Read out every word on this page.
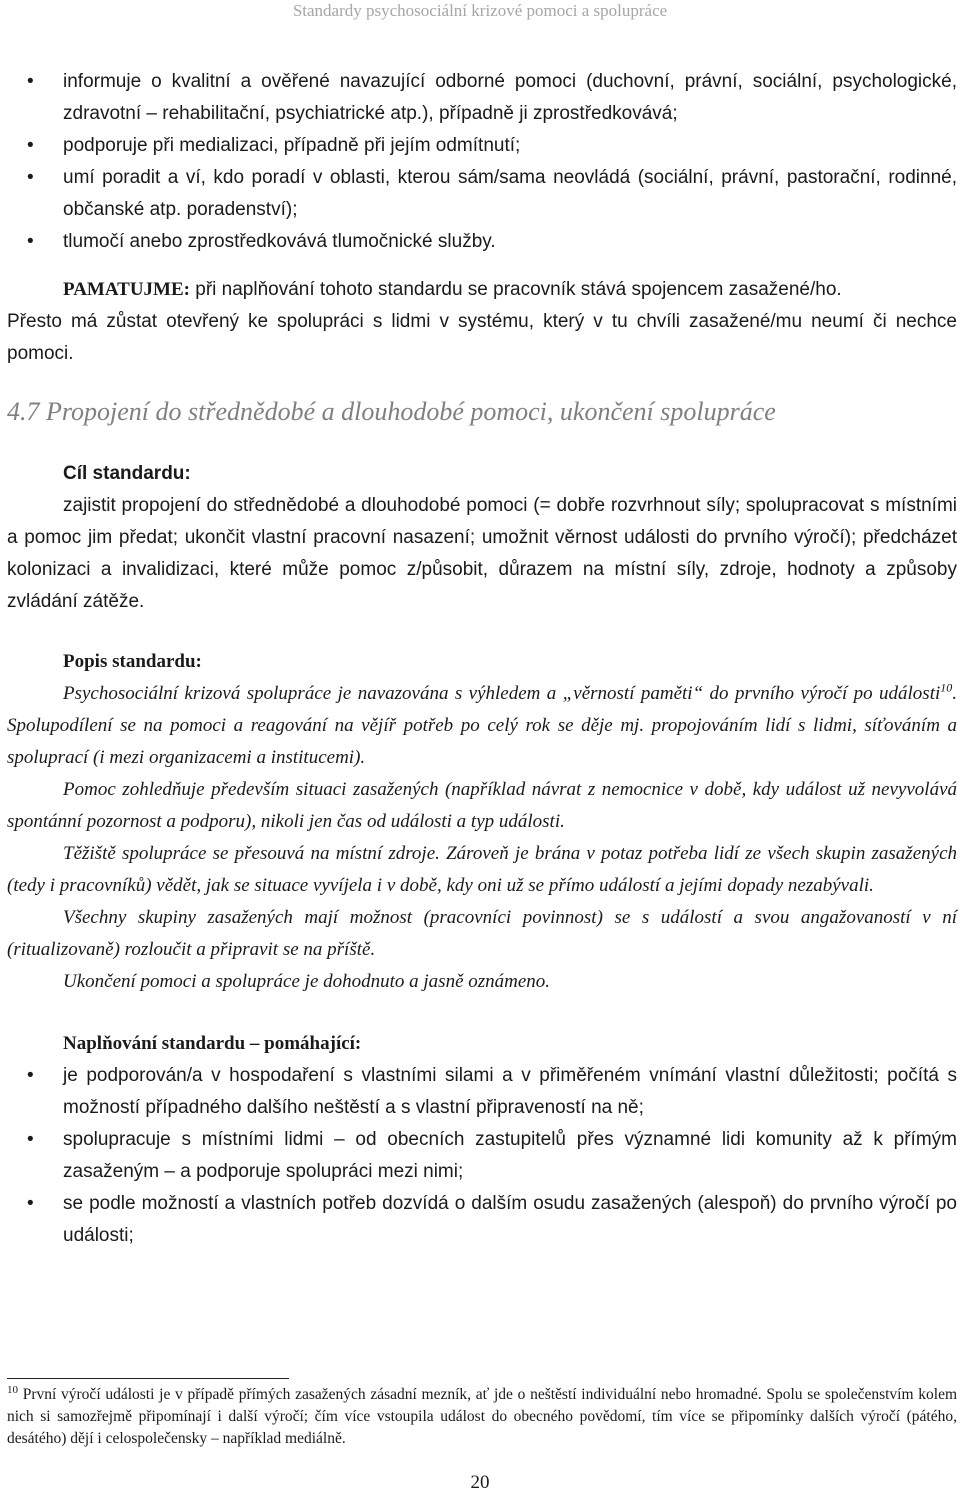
Standardy psychosociální krizové pomoci a spolupráce
• informuje o kvalitní a ověřené navazující odborné pomoci (duchovní, právní, sociální, psychologické, zdravotní – rehabilitační, psychiatrické atp.), případně ji zprostředkovává;
• podporuje při medializaci, případně při jejím odmítnutí;
• umí poradit a ví, kdo poradí v oblasti, kterou sám/sama neovládá (sociální, právní, pastorační, rodinné, občanské atp. poradenství);
• tlumočí anebo zprostředkovává tlumočnické služby.

PAMATUJME: při naplňování tohoto standardu se pracovník stává spojencem zasažené/ho.

Přesto má zůstat otevřený ke spolupráci s lidmi v systému, který v tu chvíli zasažené/mu neumí či nechce pomoci.

4.7 Propojení do střednědobé a dlouhodobé pomoci, ukončení spolupráce

Cíl standardu:

zajistit propojení do střednědobé a dlouhodobé pomoci (= dobře rozvrhnout síly; spolupracovat s místními a pomoc jim předat; ukončit vlastní pracovní nasazení; umožnit věrnost události do prvního výročí); předcházet kolonizaci a invalidizaci, které může pomoc z/působit, důrazem na místní síly, zdroje, hodnoty a způsoby zvládání zátěže.

Popis standardu:

Psychosociální krizová spolupráce je navazována s výhledem a „věrností paměti“ do prvního výročí po události$^{10}$. Spolupodílení se na pomoci a reagování na vějíř potřeb po celý rok se děje mj. propojováním lidí s lidmi, síťováním a spoluprací (i mezi organizacemi a institucemi).

Pomoc zohledňuje především situaci zasažených (například návrat z nemocnice v době, kdy událost už nevyvolává spontánní pozornost a podporu), nikoli jen čas od události a typ události.

Těžiště spolupráce se přesouvá na místní zdroje. Zároveň je brána v potaz potřeba lidí ze všech skupin zasažených (tedy i pracovníků) vědět, jak se situace vyvíjela i v době, kdy oni už se přímo událostí a jejími dopady nezabývali.

Všechny skupiny zasažených mají možnost (pracovníci povinnost) se s událostí a svou angažovaností v ní (ritualizovaně) rozloučit a připravit se na příště.

Ukončení pomoci a spolupráce je dohodnuto a jasně oznámeno.

Naplňování standardu – pomáhající:

• je podporován/a v hospodaření s vlastními silami a v přiměřeném vnímání vlastní důležitosti; počítá s možností případného dalšího neštěstí a s vlastní připraveností na ně;
• spolupracuje s místními lidmi – od obecních zastupitelů přes významné lidi komunity až k přímým zasaženým – a podporuje spolupráci mezi nimi;
• se podle možností a vlastních potřeb dozvídá o dalším osudu zasažených (alespoň) do prvního výročí po události;
$^{10}$ První výročí události je v případě přímých zasažených zásadní mezník, ať jde o neštěstí individuální nebo hromadné. Spolu se společenstvím kolem nich si samozřejmě připomínají i další výročí; čím více vstoupila událost do obecného povědomí, tím více se připomínky dalších výročí (pátého, desátého) dějí i celospolečensky – například mediálně.
20
